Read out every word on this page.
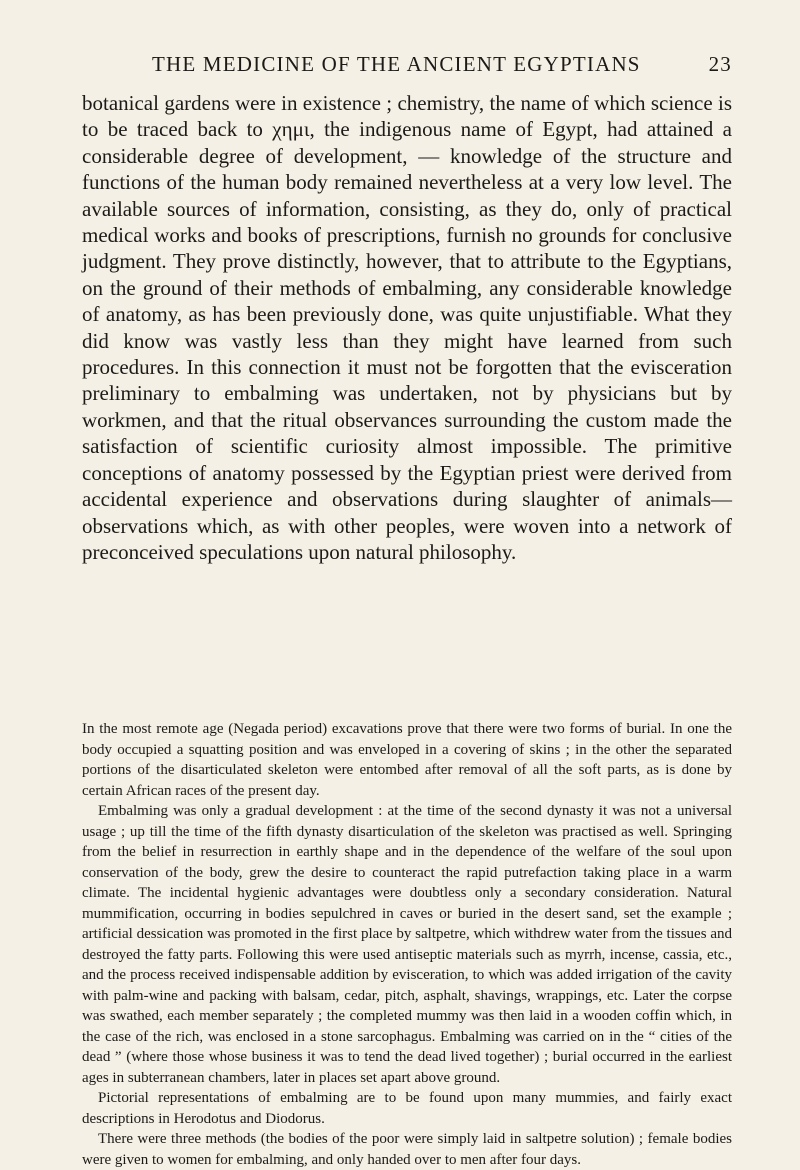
THE MEDICINE OF THE ANCIENT EGYPTIANS	23

botanical gardens were in existence ; chemistry, the name of which science is to be traced back to χημι, the indigenous name of Egypt, had attained a considerable degree of development, — knowledge of the structure and functions of the human body remained nevertheless at a very low level. The available sources of information, consisting, as they do, only of practical medical works and books of prescriptions, furnish no grounds for conclusive judgment. They prove distinctly, however, that to attribute to the Egyptians, on the ground of their methods of embalming, any considerable knowledge of anatomy, as has been previously done, was quite unjustifiable. What they did know was vastly less than they might have learned from such procedures. In this connection it must not be forgotten that the evisceration preliminary to embalming was undertaken, not by physicians but by workmen, and that the ritual observances surrounding the custom made the satisfaction of scientific curiosity almost impossible. The primitive conceptions of anatomy possessed by the Egyptian priest were derived from accidental experience and observations during slaughter of animals—observations which, as with other peoples, were woven into a network of preconceived speculations upon natural philosophy.

In the most remote age (Negada period) excavations prove that there were two forms of burial. In one the body occupied a squatting position and was enveloped in a covering of skins ; in the other the separated portions of the disarticulated skeleton were entombed after removal of all the soft parts, as is done by certain African races of the present day.

Embalming was only a gradual development : at the time of the second dynasty it was not a universal usage ; up till the time of the fifth dynasty disarticulation of the skeleton was practised as well. Springing from the belief in resurrection in earthly shape and in the dependence of the welfare of the soul upon conservation of the body, grew the desire to counteract the rapid putrefaction taking place in a warm climate. The incidental hygienic advantages were doubtless only a secondary consideration. Natural mummification, occurring in bodies sepulchred in caves or buried in the desert sand, set the example ; artificial dessication was promoted in the first place by saltpetre, which withdrew water from the tissues and destroyed the fatty parts. Following this were used antiseptic materials such as myrrh, incense, cassia, etc., and the process received indispensable addition by evisceration, to which was added irrigation of the cavity with palm-wine and packing with balsam, cedar, pitch, asphalt, shavings, wrappings, etc. Later the corpse was swathed, each member separately ; the completed mummy was then laid in a wooden coffin which, in the case of the rich, was enclosed in a stone sarcophagus. Embalming was carried on in the “ cities of the dead ” (where those whose business it was to tend the dead lived together) ; burial occurred in the earliest ages in subterranean chambers, later in places set apart above ground.

Pictorial representations of embalming are to be found upon many mummies, and fairly exact descriptions in Herodotus and Diodorus.

There were three methods (the bodies of the poor were simply laid in saltpetre solution) ; female bodies were given to women for embalming, and only handed over to men after four days.
